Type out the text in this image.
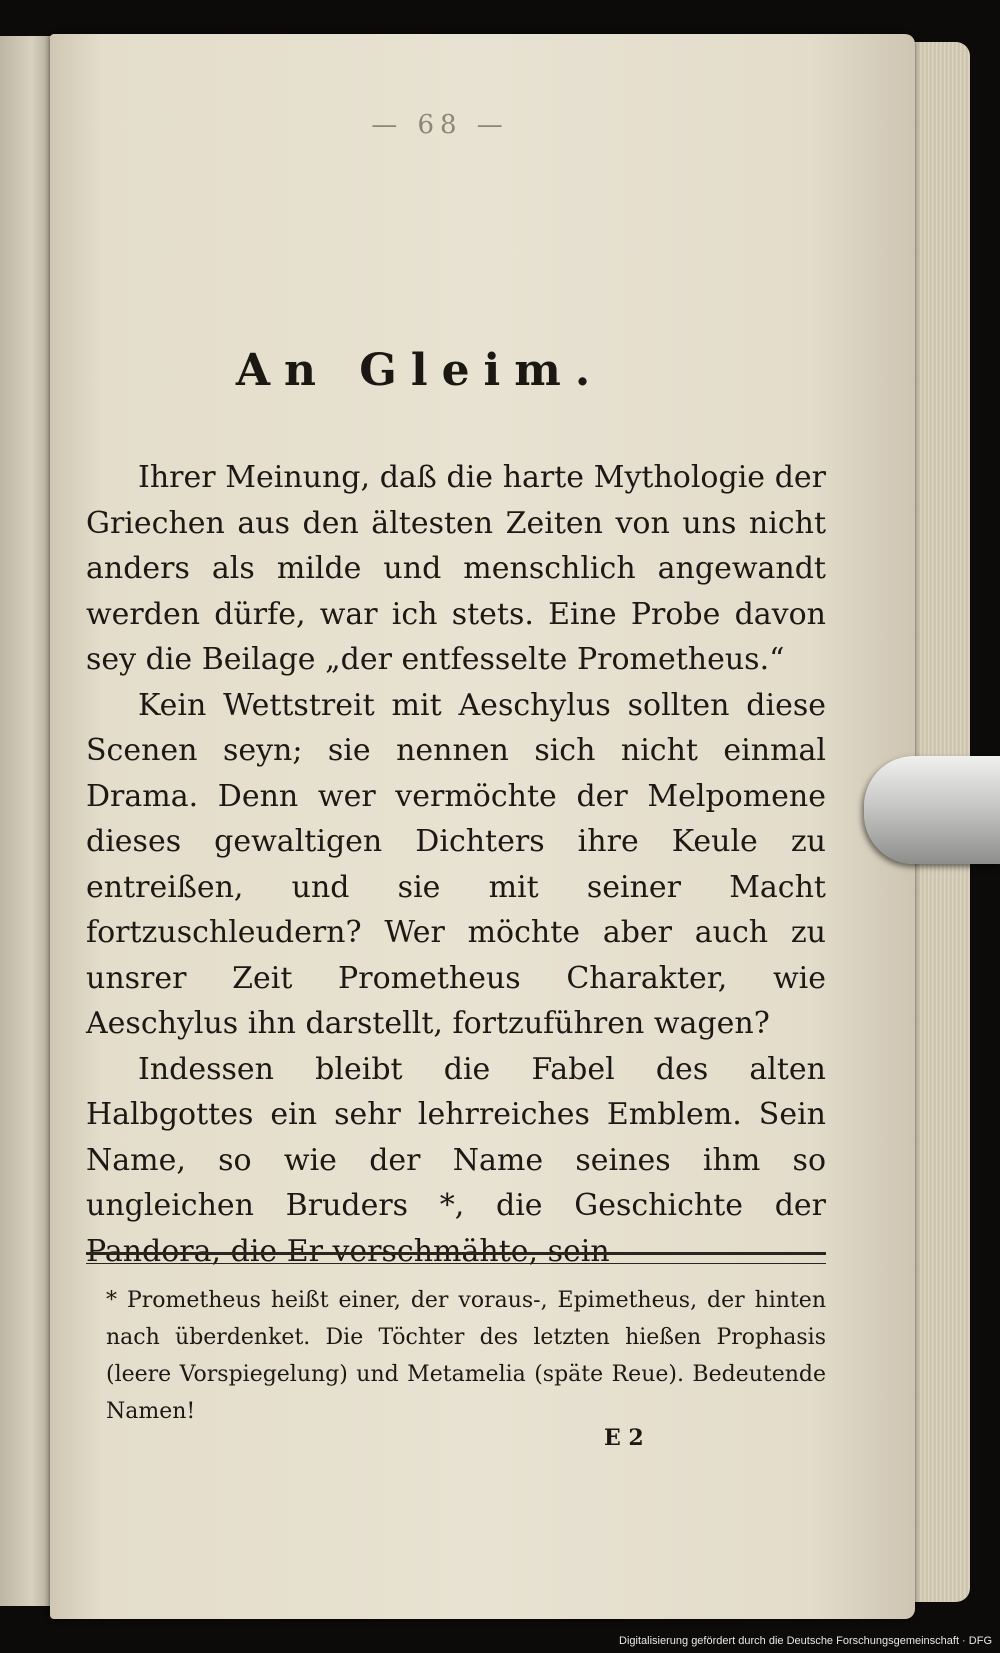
— 68 —
An Gleim.

Ihrer Meinung, daß die harte Mythologie der Griechen aus den ältesten Zeiten von uns nicht anders als milde und menschlich angewandt werden dürfe, war ich stets. Eine Probe davon sey die Beilage „der entfesselte Prometheus.“

Kein Wettstreit mit Aeschylus sollten diese Scenen seyn; sie nennen sich nicht einmal Drama. Denn wer vermöchte der Melpomene dieses gewaltigen Dichters ihre Keule zu entreißen, und sie mit seiner Macht fortzuschleudern? Wer möchte aber auch zu unsrer Zeit Prometheus Charakter, wie Aeschylus ihn darstellt, fortzuführen wagen?

Indessen bleibt die Fabel des alten Halbgottes ein sehr lehrreiches Emblem. Sein Name, so wie der Name seines ihm so ungleichen Bruders *, die Geschichte der Pandora, die Er verschmähte, sein

* Prometheus heißt einer, der voraus-, Epimetheus, der hinten nach überdenket. Die Töchter des letzten hießen Prophasis (leere Vorspiegelung) und Metamelia (späte Reue). Bedeutende Namen!
E 2
Digitalisierung gefördert durch die Deutsche Forschungsgemeinschaft · DFG
